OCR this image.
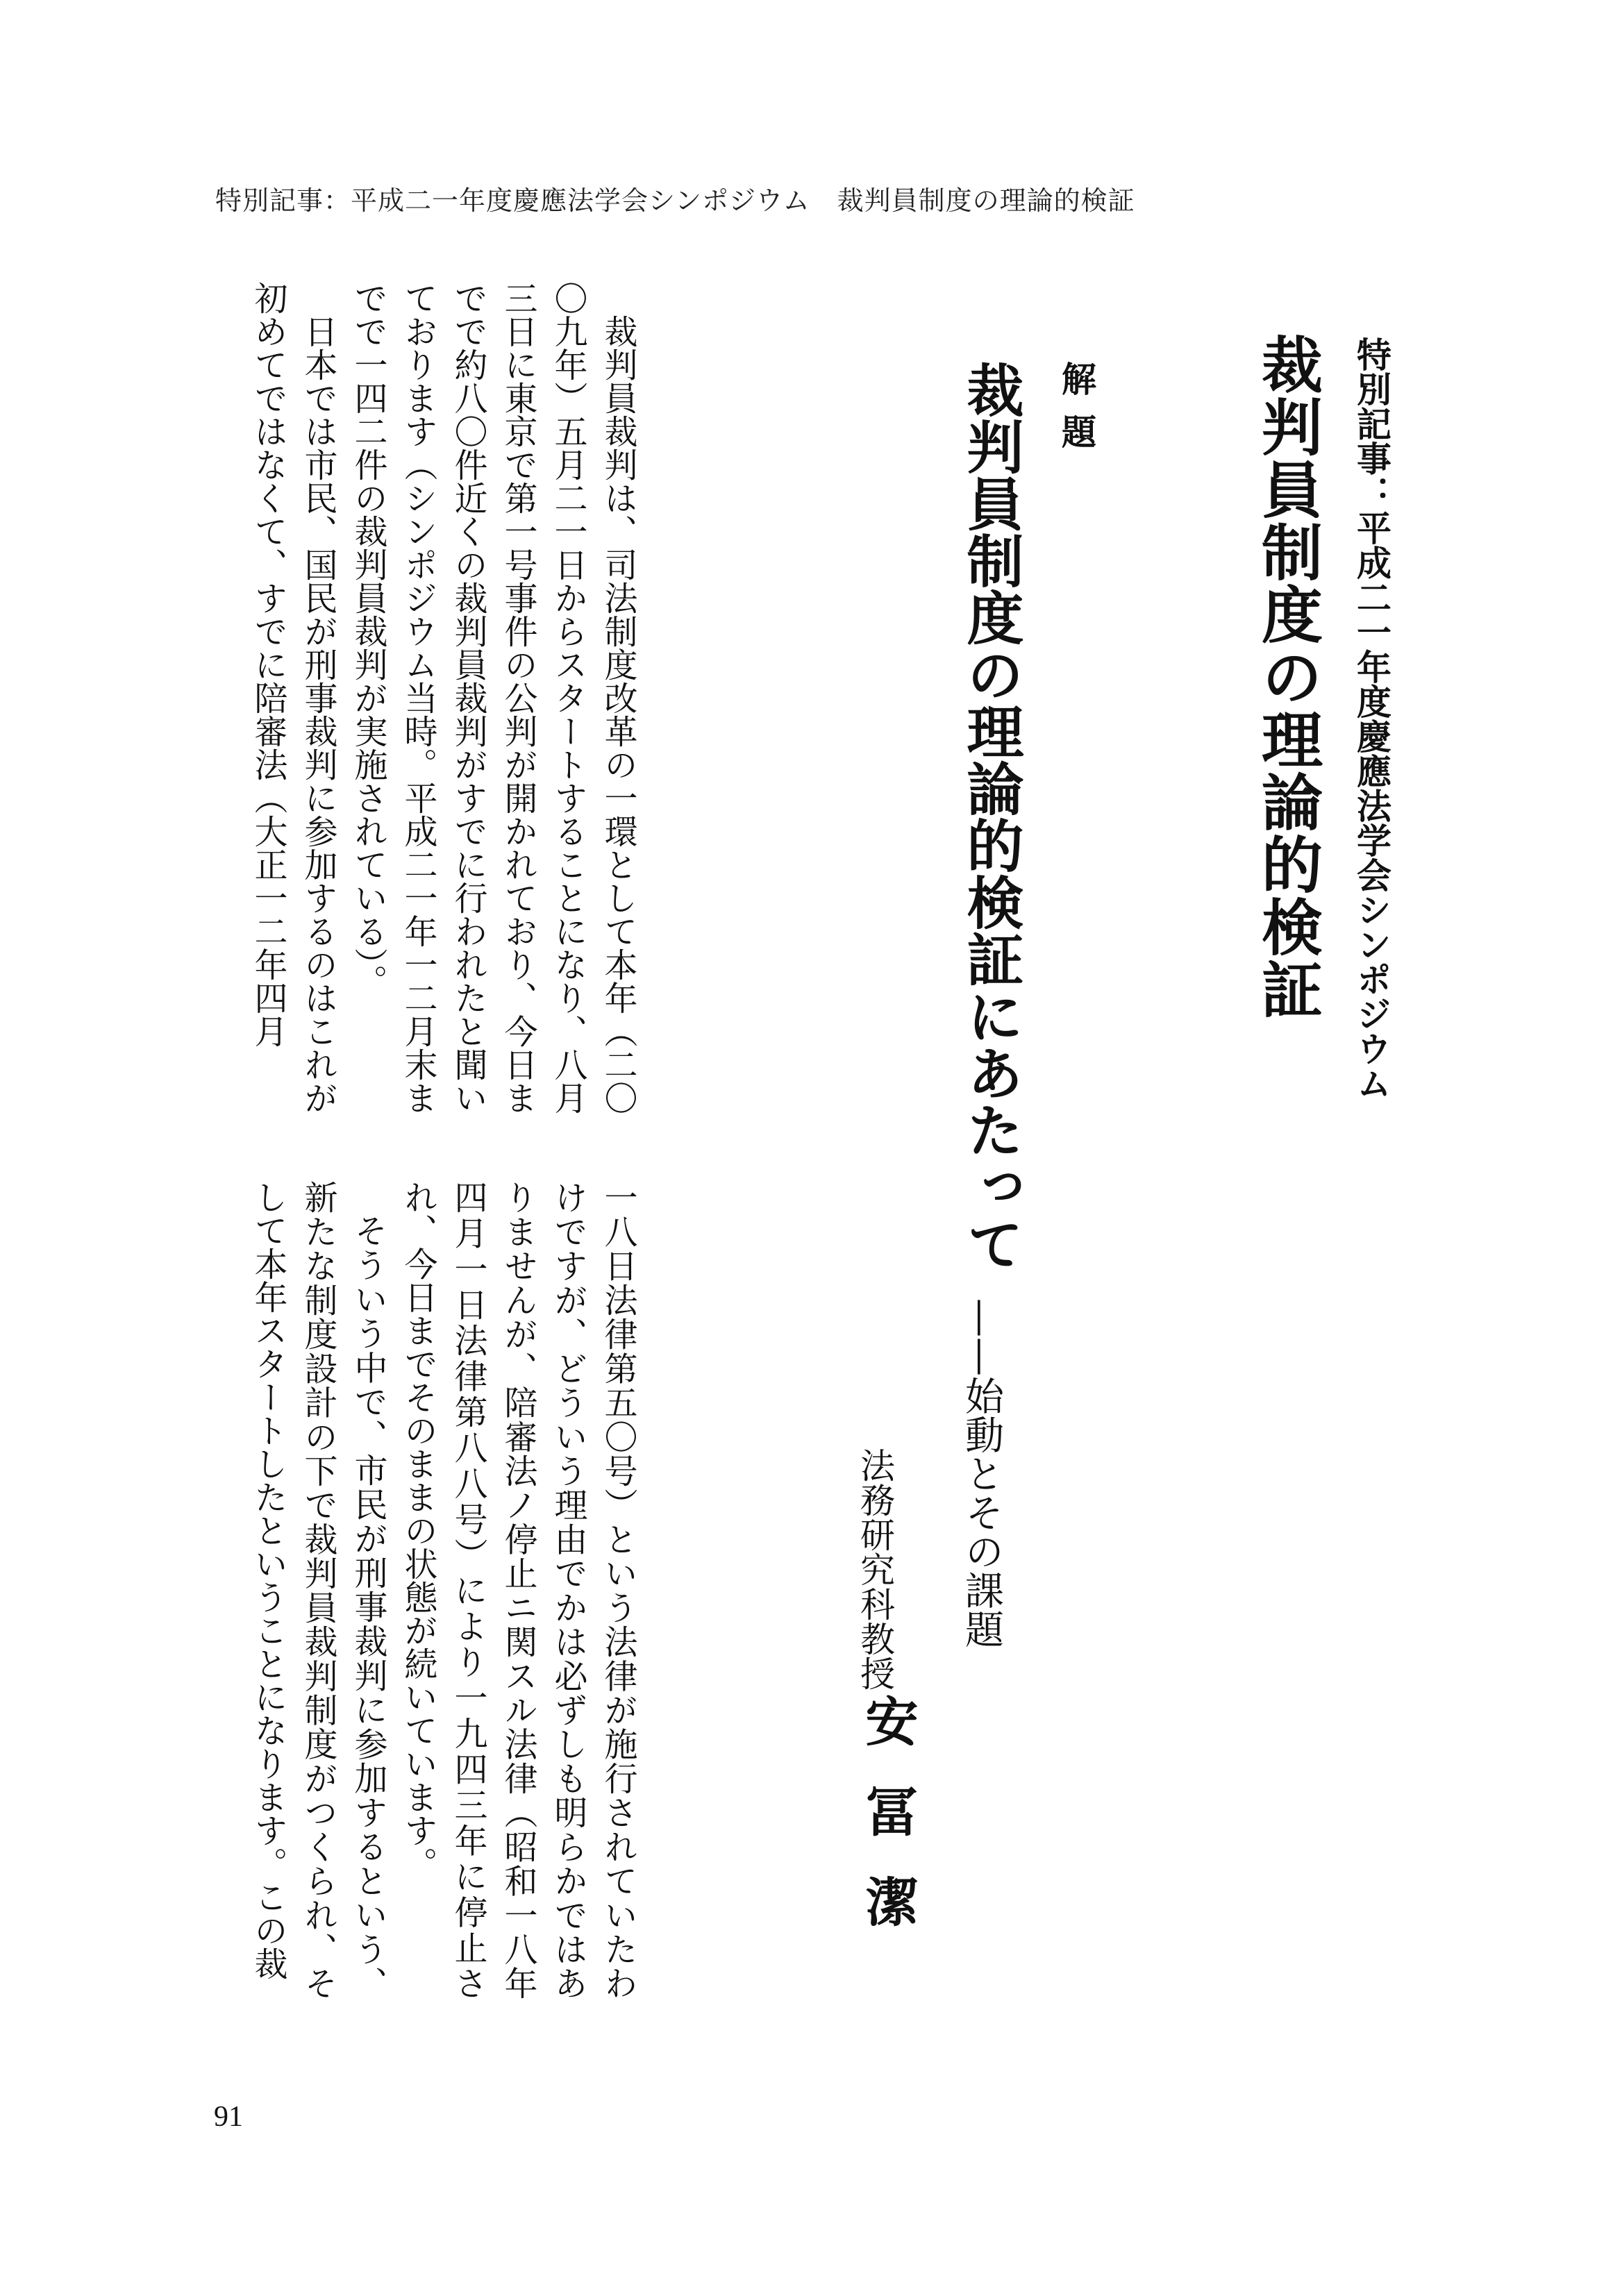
特別記事：平成二一年度慶應法学会シンポジウム　裁判員制度の理論的検証
特別記事：平成二一年度慶應法学会シンポジウム
裁判員制度の理論的検証
解題
裁判員制度の理論的検証にあたって
——始動とその課題
法務研究科教授
安冨潔

裁判員裁判は、司法制度改革の一環として本年（二〇〇九年）五月二一日からスタートすることになり、八月三日に東京で第一号事件の公判が開かれており、今日までで約八〇件近くの裁判員裁判がすでに行われたと聞いております（シンポジウム当時。平成二一年一二月末までで一四二件の裁判員裁判が実施されている）。

日本では市民、国民が刑事裁判に参加するのはこれが初めてではなくて、すでに陪審法（大正一二年四月

一八日法律第五〇号）という法律が施行されていたわけですが、どういう理由でかは必ずしも明らかではありませんが、陪審法ノ停止ニ関スル法律（昭和一八年四月一日法律第八八号）により一九四三年に停止され、今日までそのままの状態が続いています。

そういう中で、市民が刑事裁判に参加するという、新たな制度設計の下で裁判員裁判制度がつくられ、そして本年スタートしたということになります。この裁

91
